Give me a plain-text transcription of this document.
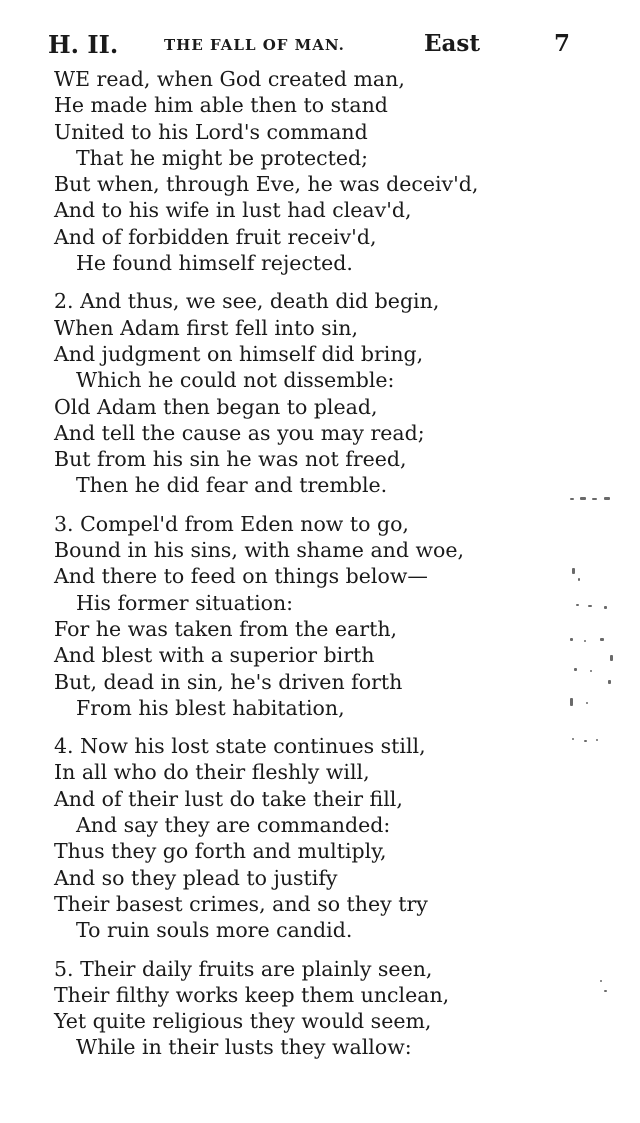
H. II.	THE FALL OF MAN.	East	7
WE read, when God created man,
He made him able then to stand
United to his Lord's command
That he might be protected;
But when, through Eve, he was deceiv'd,
And to his wife in lust had cleav'd,
And of forbidden fruit receiv'd,
He found himself rejected.
2. And thus, we see, death did begin,
When Adam first fell into sin,
And judgment on himself did bring,
Which he could not dissemble:
Old Adam then began to plead,
And tell the cause as you may read;
But from his sin he was not freed,
Then he did fear and tremble.
3. Compel'd from Eden now to go,
Bound in his sins, with shame and woe,
And there to feed on things below—
His former situation:
For he was taken from the earth,
And blest with a superior birth
But, dead in sin, he's driven forth
From his blest habitation,
4. Now his lost state continues still,
In all who do their fleshly will,
And of their lust do take their fill,
And say they are commanded:
Thus they go forth and multiply,
And so they plead to justify
Their basest crimes, and so they try
To ruin souls more candid.
5. Their daily fruits are plainly seen,
Their filthy works keep them unclean,
Yet quite religious they would seem,
While in their lusts they wallow:
